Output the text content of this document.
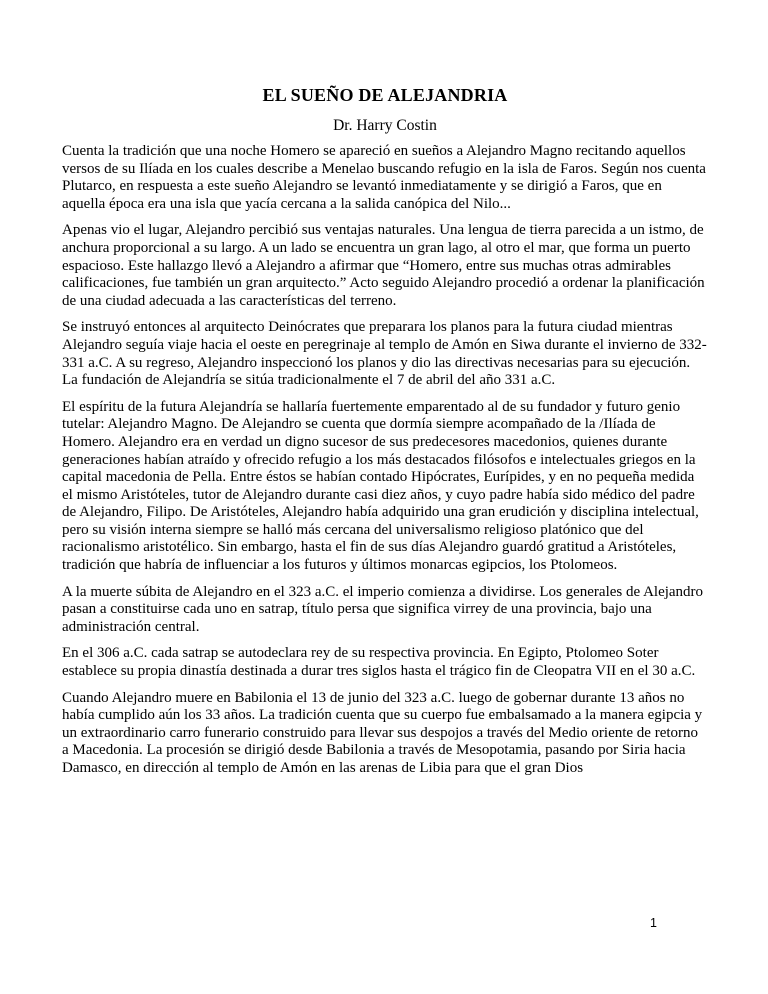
EL SUEÑO DE ALEJANDRIA
Dr. Harry Costin

Cuenta la tradición que una noche Homero se apareció en sueños a Alejandro Magno recitando aquellos versos de su Ilíada en los cuales describe a Menelao buscando refugio en la isla de Faros. Según nos cuenta Plutarco, en respuesta a este sueño Alejandro se levantó inmediatamente y se dirigió a Faros, que en aquella época era una isla que yacía cercana a la salida canópica del Nilo...

Apenas vio el lugar, Alejandro percibió sus ventajas naturales. Una lengua de tierra parecida a un istmo, de anchura proporcional a su largo. A un lado se encuentra un gran lago, al otro el mar, que forma un puerto espacioso. Este hallazgo llevó a Alejandro a afirmar que “Homero, entre sus muchas otras admirables calificaciones, fue también un gran arquitecto.” Acto seguido Alejandro procedió a ordenar la planificación de una ciudad adecuada a las características del terreno.

Se instruyó entonces al arquitecto Deinócrates que preparara los planos para la futura ciudad mientras Alejandro seguía viaje hacia el oeste en peregrinaje al templo de Amón en Siwa durante el invierno de 332-331 a.C. A su regreso, Alejandro inspeccionó los planos y dio las directivas necesarias para su ejecución. La fundación de Alejandría se sitúa tradicionalmente el 7 de abril del año 331 a.C.

El espíritu de la futura Alejandría se hallaría fuertemente emparentado al de su fundador y futuro genio tutelar: Alejandro Magno. De Alejandro se cuenta que dormía siempre acompañado de la /Ilíada de Homero. Alejandro era en verdad un digno sucesor de sus predecesores macedonios, quienes durante generaciones habían atraído y ofrecido refugio a los más destacados filósofos e intelectuales griegos en la capital macedonia de Pella. Entre éstos se habían contado Hipócrates, Eurípides, y en no pequeña medida el mismo Aristóteles, tutor de Alejandro durante casi diez años, y cuyo padre había sido médico del padre de Alejandro, Filipo. De Aristóteles, Alejandro había adquirido una gran erudición y disciplina intelectual, pero su visión interna siempre se halló más cercana del universalismo religioso platónico que del racionalismo aristotélico. Sin embargo, hasta el fin de sus días Alejandro guardó gratitud a Aristóteles, tradición que habría de influenciar a los futuros y últimos monarcas egipcios, los Ptolomeos.

A la muerte súbita de Alejandro en el 323 a.C. el imperio comienza a dividirse. Los generales de Alejandro pasan a constituirse cada uno en satrap, título persa que significa virrey de una provincia, bajo una administración central.

En el 306 a.C. cada satrap se autodeclara rey de su respectiva provincia. En Egipto, Ptolomeo Soter establece su propia dinastía destinada a durar tres siglos hasta el trágico fin de Cleopatra VII en el 30 a.C.

Cuando Alejandro muere en Babilonia el 13 de junio del 323 a.C. luego de gobernar durante 13 años no había cumplido aún los 33 años. La tradición cuenta que su cuerpo fue embalsamado a la manera egipcia y un extraordinario carro funerario construido para llevar sus despojos a través del Medio oriente de retorno a Macedonia. La procesión se dirigió desde Babilonia a través de Mesopotamia, pasando por Siria hacia Damasco, en dirección al templo de Amón en las arenas de Libia para que el gran Dios

1
